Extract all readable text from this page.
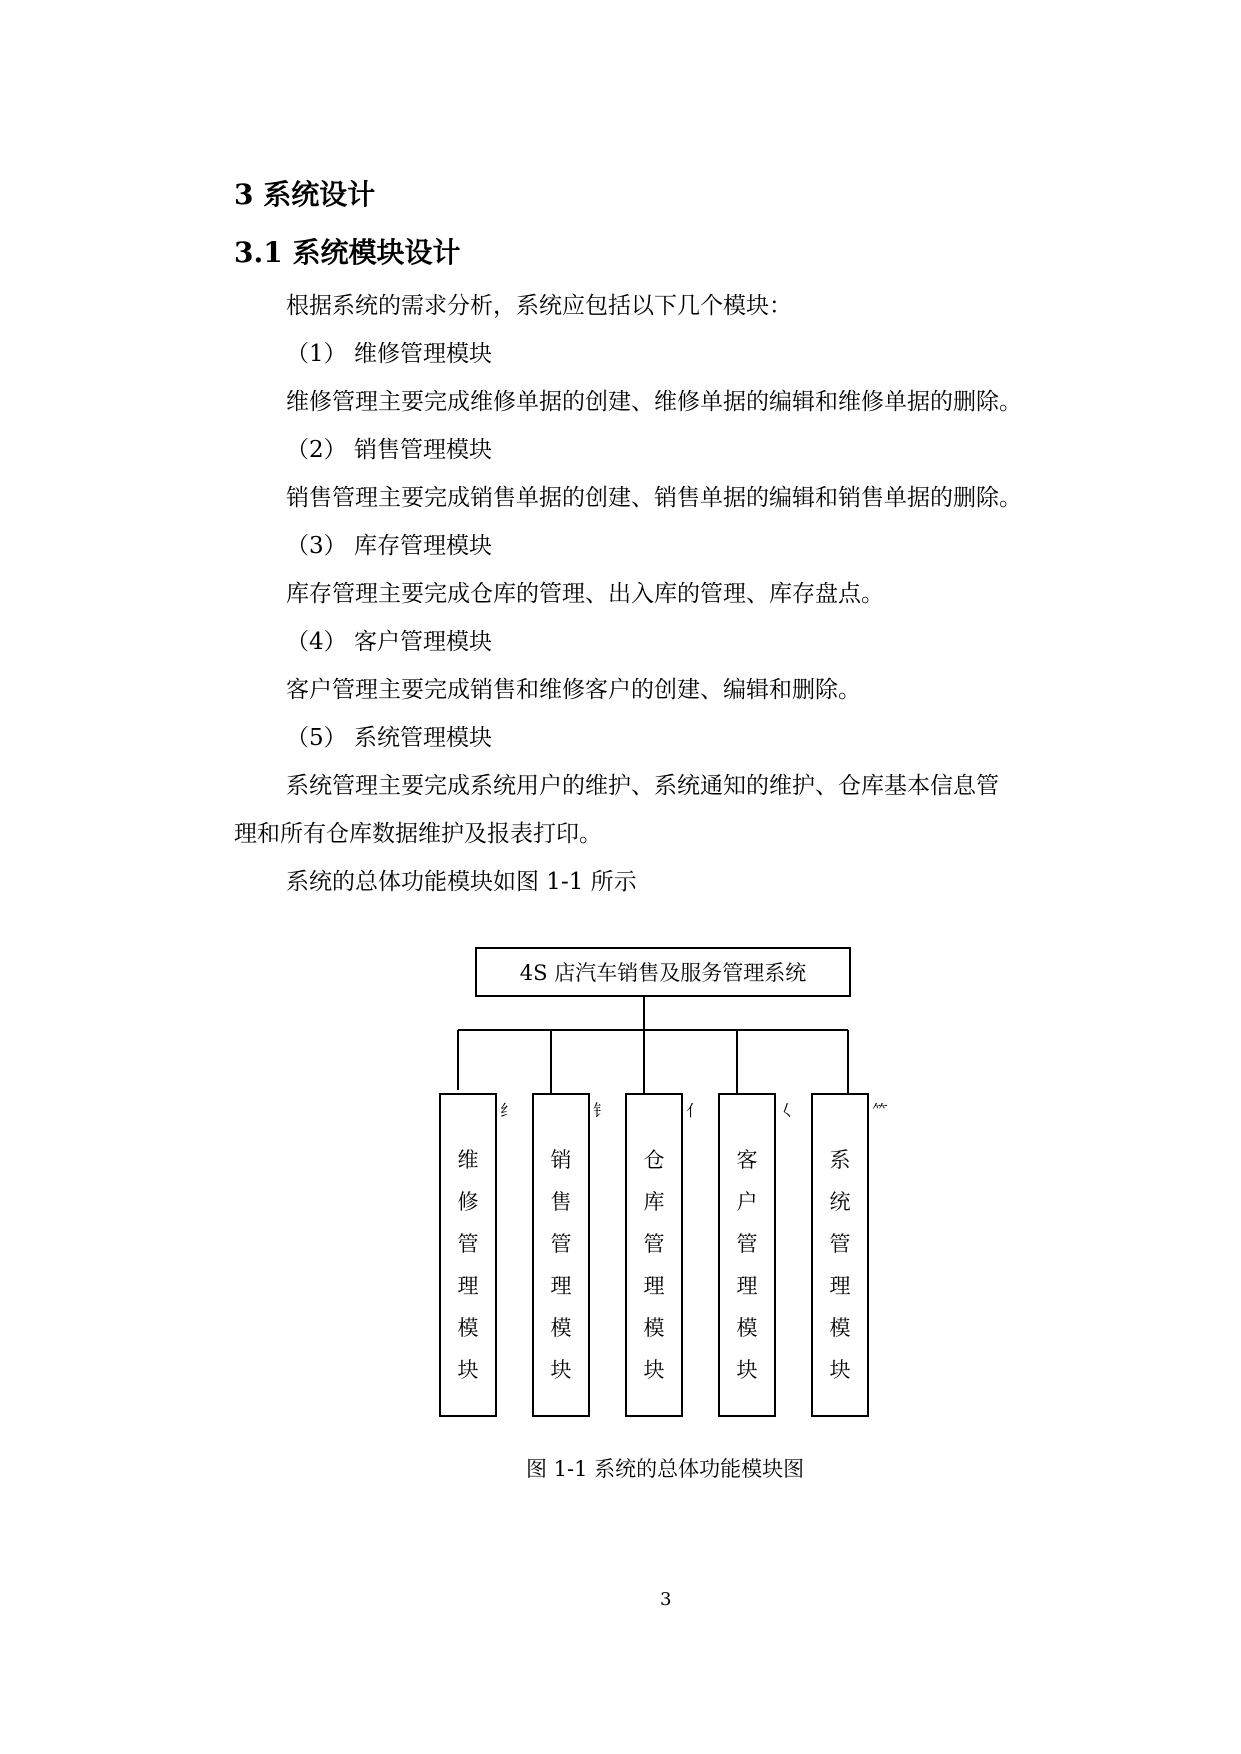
3 系统设计
3.1 系统模块设计
根据系统的需求分析，系统应包括以下几个模块：
（1） 维修管理模块
维修管理主要完成维修单据的创建、维修单据的编辑和维修单据的删除。
（2） 销售管理模块
销售管理主要完成销售单据的创建、销售单据的编辑和销售单据的删除。
（3） 库存管理模块
库存管理主要完成仓库的管理、出入库的管理、库存盘点。
（4） 客户管理模块
客户管理主要完成销售和维修客户的创建、编辑和删除。
（5） 系统管理模块
系统管理主要完成系统用户的维护、系统通知的维护、仓库基本信息管
理和所有仓库数据维护及报表打印。
系统的总体功能模块如图 1-1 所示
4S 店汽车销售及服务管理系统
纟	钅	亻	𡿨	⺮
维
修
管
理
模
块
销
售
管
理
模
块
仓
库
管
理
模
块
客
户
管
理
模
块
系
统
管
理
模
块
图 1-1 系统的总体功能模块图
3
